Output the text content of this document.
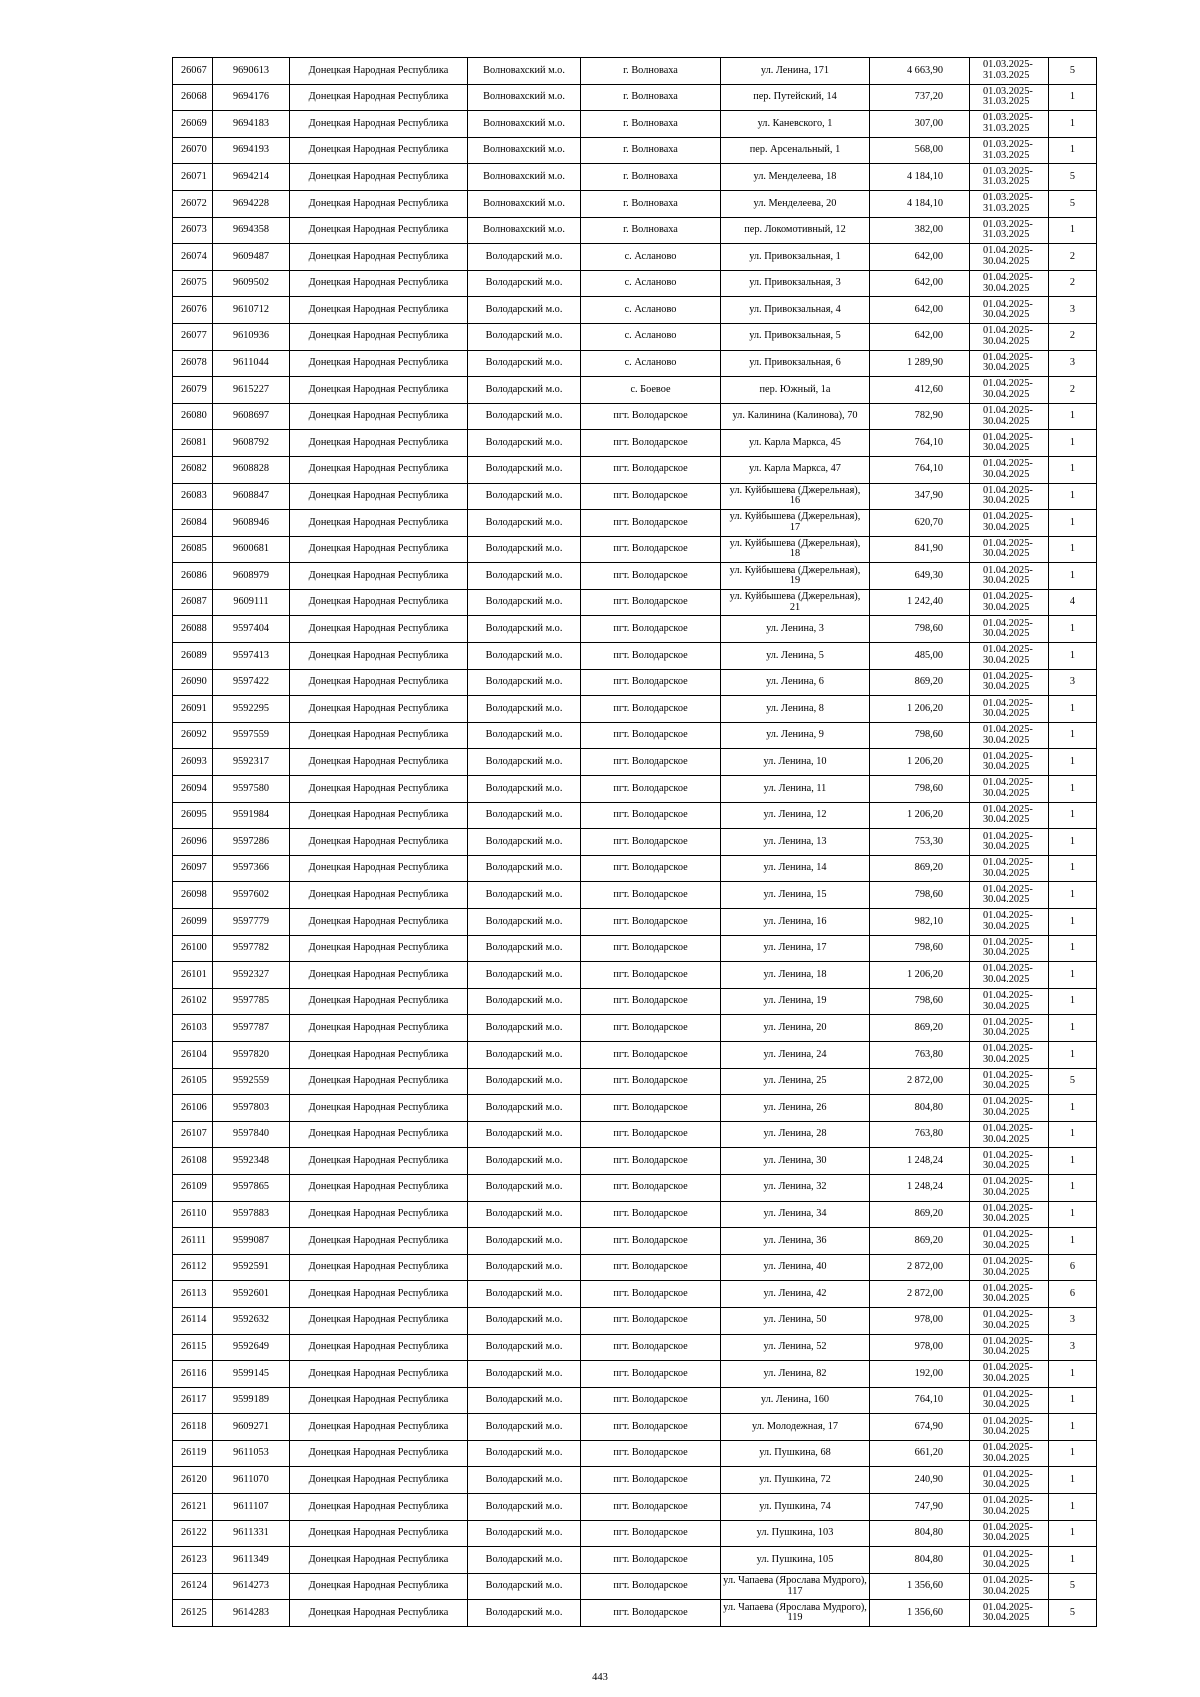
26067	9690613	Донецкая Народная Республика	Волновахский м.о.	г. Волноваха	ул. Ленина, 171	4 663,90	01.03.2025-
31.03.2025	5
26068	9694176	Донецкая Народная Республика	Волновахский м.о.	г. Волноваха	пер. Путейский, 14	737,20	01.03.2025-
31.03.2025	1
26069	9694183	Донецкая Народная Республика	Волновахский м.о.	г. Волноваха	ул. Каневского, 1	307,00	01.03.2025-
31.03.2025	1
26070	9694193	Донецкая Народная Республика	Волновахский м.о.	г. Волноваха	пер. Арсенальный, 1	568,00	01.03.2025-
31.03.2025	1
26071	9694214	Донецкая Народная Республика	Волновахский м.о.	г. Волноваха	ул. Менделеева, 18	4 184,10	01.03.2025-
31.03.2025	5
26072	9694228	Донецкая Народная Республика	Волновахский м.о.	г. Волноваха	ул. Менделеева, 20	4 184,10	01.03.2025-
31.03.2025	5
26073	9694358	Донецкая Народная Республика	Волновахский м.о.	г. Волноваха	пер. Локомотивный, 12	382,00	01.03.2025-
31.03.2025	1
26074	9609487	Донецкая Народная Республика	Володарский м.о.	с. Асланово	ул. Привокзальная, 1	642,00	01.04.2025-
30.04.2025	2
26075	9609502	Донецкая Народная Республика	Володарский м.о.	с. Асланово	ул. Привокзальная, 3	642,00	01.04.2025-
30.04.2025	2
26076	9610712	Донецкая Народная Республика	Володарский м.о.	с. Асланово	ул. Привокзальная, 4	642,00	01.04.2025-
30.04.2025	3
26077	9610936	Донецкая Народная Республика	Володарский м.о.	с. Асланово	ул. Привокзальная, 5	642,00	01.04.2025-
30.04.2025	2
26078	9611044	Донецкая Народная Республика	Володарский м.о.	с. Асланово	ул. Привокзальная, 6	1 289,90	01.04.2025-
30.04.2025	3
26079	9615227	Донецкая Народная Республика	Володарский м.о.	с. Боевое	пер. Южный, 1а	412,60	01.04.2025-
30.04.2025	2
26080	9608697	Донецкая Народная Республика	Володарский м.о.	пгт. Володарское	ул. Калинина (Калинова), 70	782,90	01.04.2025-
30.04.2025	1
26081	9608792	Донецкая Народная Республика	Володарский м.о.	пгт. Володарское	ул. Карла Маркса, 45	764,10	01.04.2025-
30.04.2025	1
26082	9608828	Донецкая Народная Республика	Володарский м.о.	пгт. Володарское	ул. Карла Маркса, 47	764,10	01.04.2025-
30.04.2025	1
26083	9608847	Донецкая Народная Республика	Володарский м.о.	пгт. Володарское	ул. Куйбышева (Джерельная),
16	347,90	01.04.2025-
30.04.2025	1
26084	9608946	Донецкая Народная Республика	Володарский м.о.	пгт. Володарское	ул. Куйбышева (Джерельная),
17	620,70	01.04.2025-
30.04.2025	1
26085	9600681	Донецкая Народная Республика	Володарский м.о.	пгт. Володарское	ул. Куйбышева (Джерельная),
18	841,90	01.04.2025-
30.04.2025	1
26086	9608979	Донецкая Народная Республика	Володарский м.о.	пгт. Володарское	ул. Куйбышева (Джерельная),
19	649,30	01.04.2025-
30.04.2025	1
26087	9609111	Донецкая Народная Республика	Володарский м.о.	пгт. Володарское	ул. Куйбышева (Джерельная),
21	1 242,40	01.04.2025-
30.04.2025	4
26088	9597404	Донецкая Народная Республика	Володарский м.о.	пгт. Володарское	ул. Ленина, 3	798,60	01.04.2025-
30.04.2025	1
26089	9597413	Донецкая Народная Республика	Володарский м.о.	пгт. Володарское	ул. Ленина, 5	485,00	01.04.2025-
30.04.2025	1
26090	9597422	Донецкая Народная Республика	Володарский м.о.	пгт. Володарское	ул. Ленина, 6	869,20	01.04.2025-
30.04.2025	3
26091	9592295	Донецкая Народная Республика	Володарский м.о.	пгт. Володарское	ул. Ленина, 8	1 206,20	01.04.2025-
30.04.2025	1
26092	9597559	Донецкая Народная Республика	Володарский м.о.	пгт. Володарское	ул. Ленина, 9	798,60	01.04.2025-
30.04.2025	1
26093	9592317	Донецкая Народная Республика	Володарский м.о.	пгт. Володарское	ул. Ленина, 10	1 206,20	01.04.2025-
30.04.2025	1
26094	9597580	Донецкая Народная Республика	Володарский м.о.	пгт. Володарское	ул. Ленина, 11	798,60	01.04.2025-
30.04.2025	1
26095	9591984	Донецкая Народная Республика	Володарский м.о.	пгт. Володарское	ул. Ленина, 12	1 206,20	01.04.2025-
30.04.2025	1
26096	9597286	Донецкая Народная Республика	Володарский м.о.	пгт. Володарское	ул. Ленина, 13	753,30	01.04.2025-
30.04.2025	1
26097	9597366	Донецкая Народная Республика	Володарский м.о.	пгт. Володарское	ул. Ленина, 14	869,20	01.04.2025-
30.04.2025	1
26098	9597602	Донецкая Народная Республика	Володарский м.о.	пгт. Володарское	ул. Ленина, 15	798,60	01.04.2025-
30.04.2025	1
26099	9597779	Донецкая Народная Республика	Володарский м.о.	пгт. Володарское	ул. Ленина, 16	982,10	01.04.2025-
30.04.2025	1
26100	9597782	Донецкая Народная Республика	Володарский м.о.	пгт. Володарское	ул. Ленина, 17	798,60	01.04.2025-
30.04.2025	1
26101	9592327	Донецкая Народная Республика	Володарский м.о.	пгт. Володарское	ул. Ленина, 18	1 206,20	01.04.2025-
30.04.2025	1
26102	9597785	Донецкая Народная Республика	Володарский м.о.	пгт. Володарское	ул. Ленина, 19	798,60	01.04.2025-
30.04.2025	1
26103	9597787	Донецкая Народная Республика	Володарский м.о.	пгт. Володарское	ул. Ленина, 20	869,20	01.04.2025-
30.04.2025	1
26104	9597820	Донецкая Народная Республика	Володарский м.о.	пгт. Володарское	ул. Ленина, 24	763,80	01.04.2025-
30.04.2025	1
26105	9592559	Донецкая Народная Республика	Володарский м.о.	пгт. Володарское	ул. Ленина, 25	2 872,00	01.04.2025-
30.04.2025	5
26106	9597803	Донецкая Народная Республика	Володарский м.о.	пгт. Володарское	ул. Ленина, 26	804,80	01.04.2025-
30.04.2025	1
26107	9597840	Донецкая Народная Республика	Володарский м.о.	пгт. Володарское	ул. Ленина, 28	763,80	01.04.2025-
30.04.2025	1
26108	9592348	Донецкая Народная Республика	Володарский м.о.	пгт. Володарское	ул. Ленина, 30	1 248,24	01.04.2025-
30.04.2025	1
26109	9597865	Донецкая Народная Республика	Володарский м.о.	пгт. Володарское	ул. Ленина, 32	1 248,24	01.04.2025-
30.04.2025	1
26110	9597883	Донецкая Народная Республика	Володарский м.о.	пгт. Володарское	ул. Ленина, 34	869,20	01.04.2025-
30.04.2025	1
26111	9599087	Донецкая Народная Республика	Володарский м.о.	пгт. Володарское	ул. Ленина, 36	869,20	01.04.2025-
30.04.2025	1
26112	9592591	Донецкая Народная Республика	Володарский м.о.	пгт. Володарское	ул. Ленина, 40	2 872,00	01.04.2025-
30.04.2025	6
26113	9592601	Донецкая Народная Республика	Володарский м.о.	пгт. Володарское	ул. Ленина, 42	2 872,00	01.04.2025-
30.04.2025	6
26114	9592632	Донецкая Народная Республика	Володарский м.о.	пгт. Володарское	ул. Ленина, 50	978,00	01.04.2025-
30.04.2025	3
26115	9592649	Донецкая Народная Республика	Володарский м.о.	пгт. Володарское	ул. Ленина, 52	978,00	01.04.2025-
30.04.2025	3
26116	9599145	Донецкая Народная Республика	Володарский м.о.	пгт. Володарское	ул. Ленина, 82	192,00	01.04.2025-
30.04.2025	1
26117	9599189	Донецкая Народная Республика	Володарский м.о.	пгт. Володарское	ул. Ленина, 160	764,10	01.04.2025-
30.04.2025	1
26118	9609271	Донецкая Народная Республика	Володарский м.о.	пгт. Володарское	ул. Молодежная, 17	674,90	01.04.2025-
30.04.2025	1
26119	9611053	Донецкая Народная Республика	Володарский м.о.	пгт. Володарское	ул. Пушкина, 68	661,20	01.04.2025-
30.04.2025	1
26120	9611070	Донецкая Народная Республика	Володарский м.о.	пгт. Володарское	ул. Пушкина, 72	240,90	01.04.2025-
30.04.2025	1
26121	9611107	Донецкая Народная Республика	Володарский м.о.	пгт. Володарское	ул. Пушкина, 74	747,90	01.04.2025-
30.04.2025	1
26122	9611331	Донецкая Народная Республика	Володарский м.о.	пгт. Володарское	ул. Пушкина, 103	804,80	01.04.2025-
30.04.2025	1
26123	9611349	Донецкая Народная Республика	Володарский м.о.	пгт. Володарское	ул. Пушкина, 105	804,80	01.04.2025-
30.04.2025	1
26124	9614273	Донецкая Народная Республика	Володарский м.о.	пгт. Володарское	ул. Чапаева (Ярослава Мудрого),
117	1 356,60	01.04.2025-
30.04.2025	5
26125	9614283	Донецкая Народная Республика	Володарский м.о.	пгт. Володарское	ул. Чапаева (Ярослава Мудрого),
119	1 356,60	01.04.2025-
30.04.2025	5
443
